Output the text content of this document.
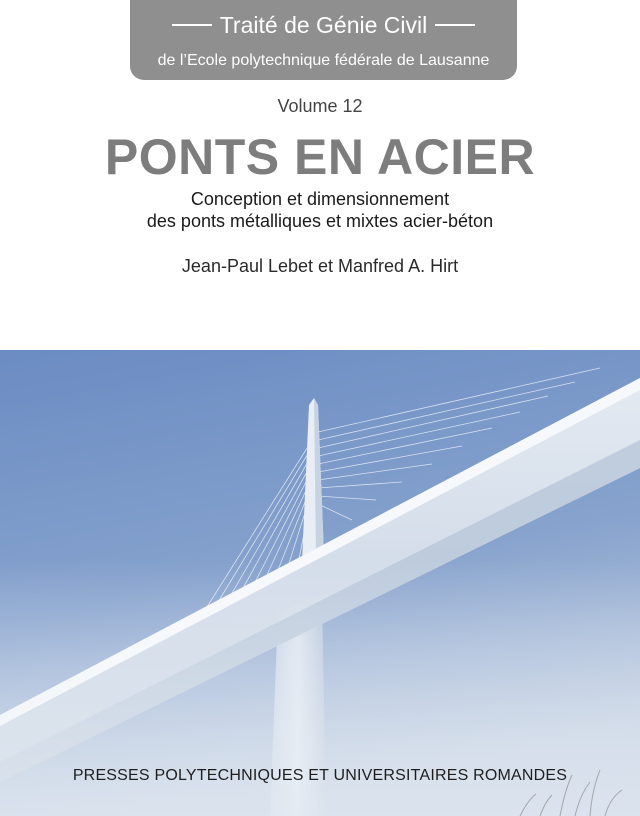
Traité de Génie Civil
de l’Ecole polytechnique fédérale de Lausanne
Volume 12
PONTS EN ACIER
Conception et dimensionnement
des ponts métalliques et mixtes acier-béton
Jean-Paul Lebet et Manfred A. Hirt
PRESSES POLYTECHNIQUES ET UNIVERSITAIRES ROMANDES
